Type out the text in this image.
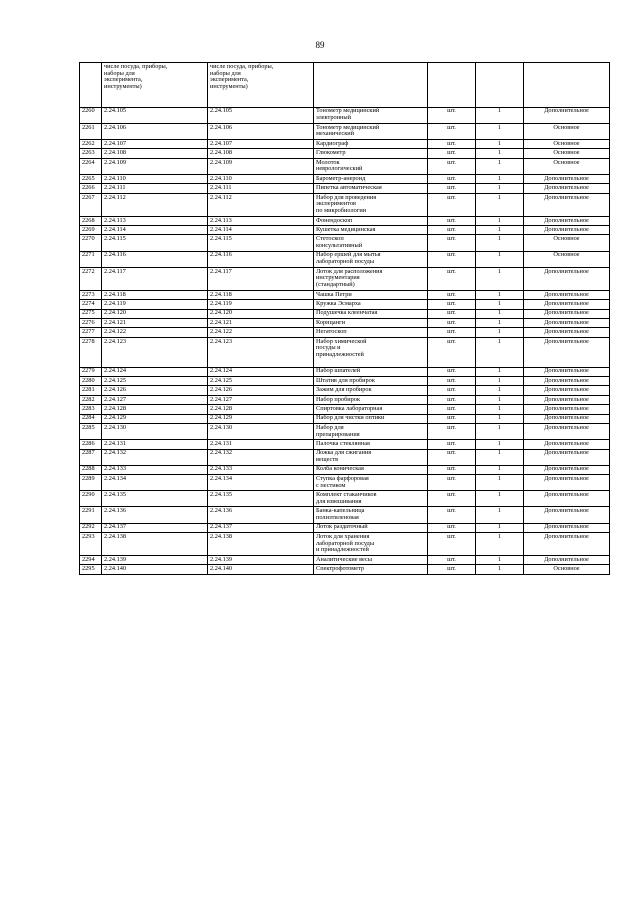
89
	числе посуда, приборы,
наборы для
экспериментa,
инструменты)	числе посуда, приборы,
наборы для
экспериментa,
инструменты)				
2260	2.24.105	2.24.105	Тонометр медицинский
электронный	шт.	1	Дополнительное
2261	2.24.106	2.24.106	Тонометр медицинский
механический	шт.	1	Основное
2262	2.24.107	2.24.107	Кардиограф	шт.	1	Основное
2263	2.24.108	2.24.108	Глюкометр	шт.	1	Основное
2264	2.24.109	2.24.109	Молоток
неврологический	шт.	1	Основное
2265	2.24.110	2.24.110	Барометр-анероид	шт.	1	Дополнительное
2266	2.24.111	2.24.111	Пипетка автоматическая	шт.	1	Дополнительное
2267	2.24.112	2.24.112	Набор для проведения
экспериментов
по микробиологии	шт.	1	Дополнительное
2268	2.24.113	2.24.113	Фонендоскоп	шт.	1	Дополнительное
2269	2.24.114	2.24.114	Кушетка медицинская	шт.	1	Дополнительное
2270	2.24.115	2.24.115	Стетоскоп
консультативный	шт.	1	Основное
2271	2.24.116	2.24.116	Набор ершей для мытья
лабораторной посуды	шт.	1	Основное
2272	2.24.117	2.24.117	Лоток для расположения
инструментария
(стандартный)	шт.	1	Дополнительное
2273	2.24.118	2.24.118	Чашка Петри	шт.	1	Дополнительное
2274	2.24.119	2.24.119	Кружка Эсмарха	шт.	1	Дополнительное
2275	2.24.120	2.24.120	Подушечка клеенчатая	шт.	1	Дополнительное
2276	2.24.121	2.24.121	Корнцанги	шт.	1	Дополнительное
2277	2.24.122	2.24.122	Негатоскоп	шт.	1	Дополнительное
2278	2.24.123	2.24.123	Набор химической
посуды и
принадлежностей	шт.	1	Дополнительное
2279	2.24.124	2.24.124	Набор шпателей	шт.	1	Дополнительное
2280	2.24.125	2.24.125	Штатив для пробирок	шт.	1	Дополнительное
2281	2.24.126	2.24.126	Зажим для пробирок	шт.	1	Дополнительное
2282	2.24.127	2.24.127	Набор пробирок	шт.	1	Дополнительное
2283	2.24.128	2.24.128	Спиртовка лабораторная	шт.	1	Дополнительное
2284	2.24.129	2.24.129	Набор для чистки оптики	шт.	1	Дополнительное
2285	2.24.130	2.24.130	Набор для
препарирования	шт.	1	Дополнительное
2286	2.24.131	2.24.131	Палочка стеклянная	шт.	1	Дополнительное
2287	2.24.132	2.24.132	Ложка для сжигания
веществ	шт.	1	Дополнительное
2288	2.24.133	2.24.133	Колба коническая	шт.	1	Дополнительное
2289	2.24.134	2.24.134	Ступка фарфоровая
с пестиком	шт.	1	Дополнительное
2290	2.24.135	2.24.135	Комплект стаканчиков
для взвешивания	шт.	1	Дополнительное
2291	2.24.136	2.24.136	Банка-капельница
полиэтиленовая	шт.	1	Дополнительное
2292	2.24.137	2.24.137	Лоток раздаточный	шт.	1	Дополнительное
2293	2.24.138	2.24.138	Лоток для хранения
лабораторной посуды
и принадлежностей	шт.	1	Дополнительное
2294	2.24.139	2.24.139	Аналитические весы	шт.	1	Дополнительное
2295	2.24.140	2.24.140	Спектрофотометр	шт.	1	Основное
